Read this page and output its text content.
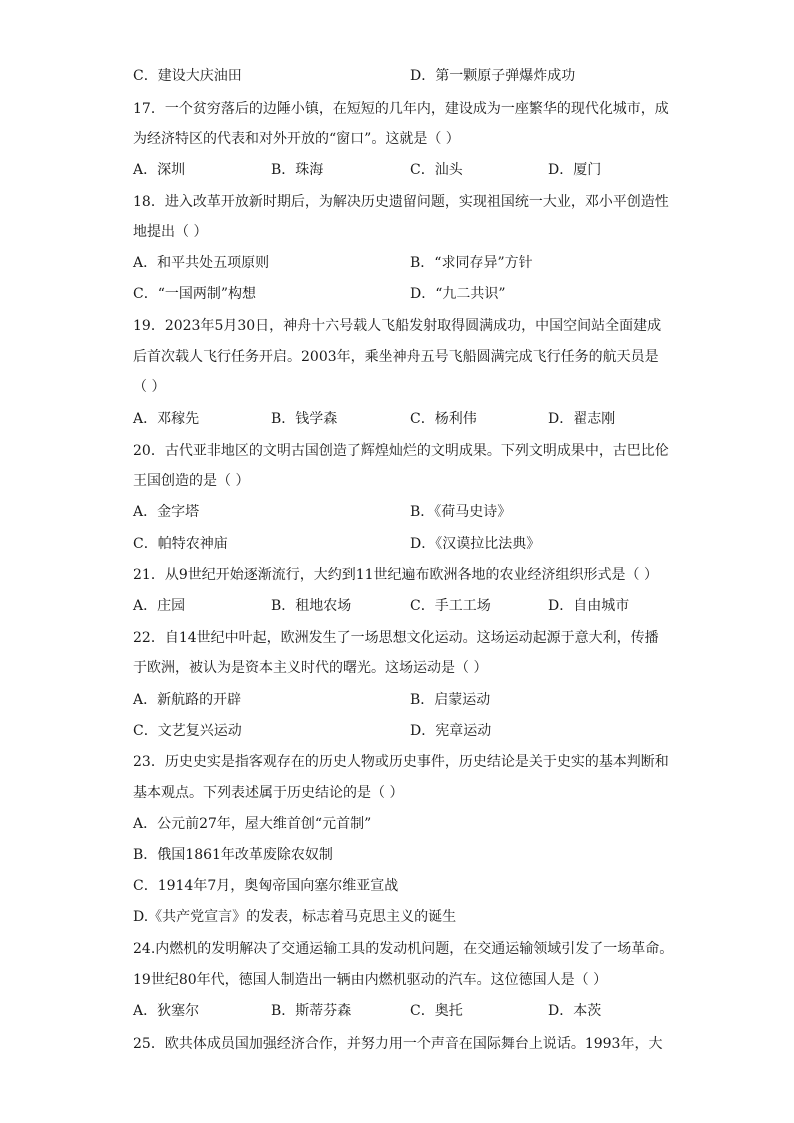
C．建设大庆油田	D．第一颗原子弹爆炸成功
17．一个贫穷落后的边陲小镇，在短短的几年内，建设成为一座繁华的现代化城市，成
为经济特区的代表和对外开放的“窗口”。这就是（ ）
A．深圳	B．珠海	C．汕头	D．厦门
18．进入改革开放新时期后，为解决历史遗留问题，实现祖国统一大业，邓小平创造性
地提出（ ）
A．和平共处五项原则	B．“求同存异”方针
C．“一国两制”构想	D．“九二共识”
19．2023年5月30日，神舟十六号载人飞船发射取得圆满成功，中国空间站全面建成
后首次载人飞行任务开启。2003年，乘坐神舟五号飞船圆满完成飞行任务的航天员是
（ ）
A．邓稼先	B．钱学森	C．杨利伟	D．翟志刚
20．古代亚非地区的文明古国创造了辉煌灿烂的文明成果。下列文明成果中，古巴比伦
王国创造的是（ ）
A．金字塔	B．《荷马史诗》
C．帕特农神庙	D．《汉谟拉比法典》
21．从9世纪开始逐渐流行，大约到11世纪遍布欧洲各地的农业经济组织形式是（ ）
A．庄园	B．租地农场	C．手工工场	D．自由城市
22．自14世纪中叶起，欧洲发生了一场思想文化运动。这场运动起源于意大利，传播
于欧洲，被认为是资本主义时代的曙光。这场运动是（ ）
A．新航路的开辟	B．启蒙运动
C．文艺复兴运动	D．宪章运动
23．历史史实是指客观存在的历史人物或历史事件，历史结论是关于史实的基本判断和
基本观点。下列表述属于历史结论的是（ ）
A．公元前27年，屋大维首创“元首制”
B．俄国1861年改革废除农奴制
C．1914年7月，奥匈帝国向塞尔维亚宣战
D.《共产党宣言》的发表，标志着马克思主义的诞生
24.内燃机的发明解决了交通运输工具的发动机问题，在交通运输领域引发了一场革命。
19世纪80年代，德国人制造出一辆由内燃机驱动的汽车。这位德国人是（ ）
A．狄塞尔	B．斯蒂芬森	C．奥托	D．本茨
25．欧共体成员国加强经济合作，并努力用一个声音在国际舞台上说话。1993年，大
